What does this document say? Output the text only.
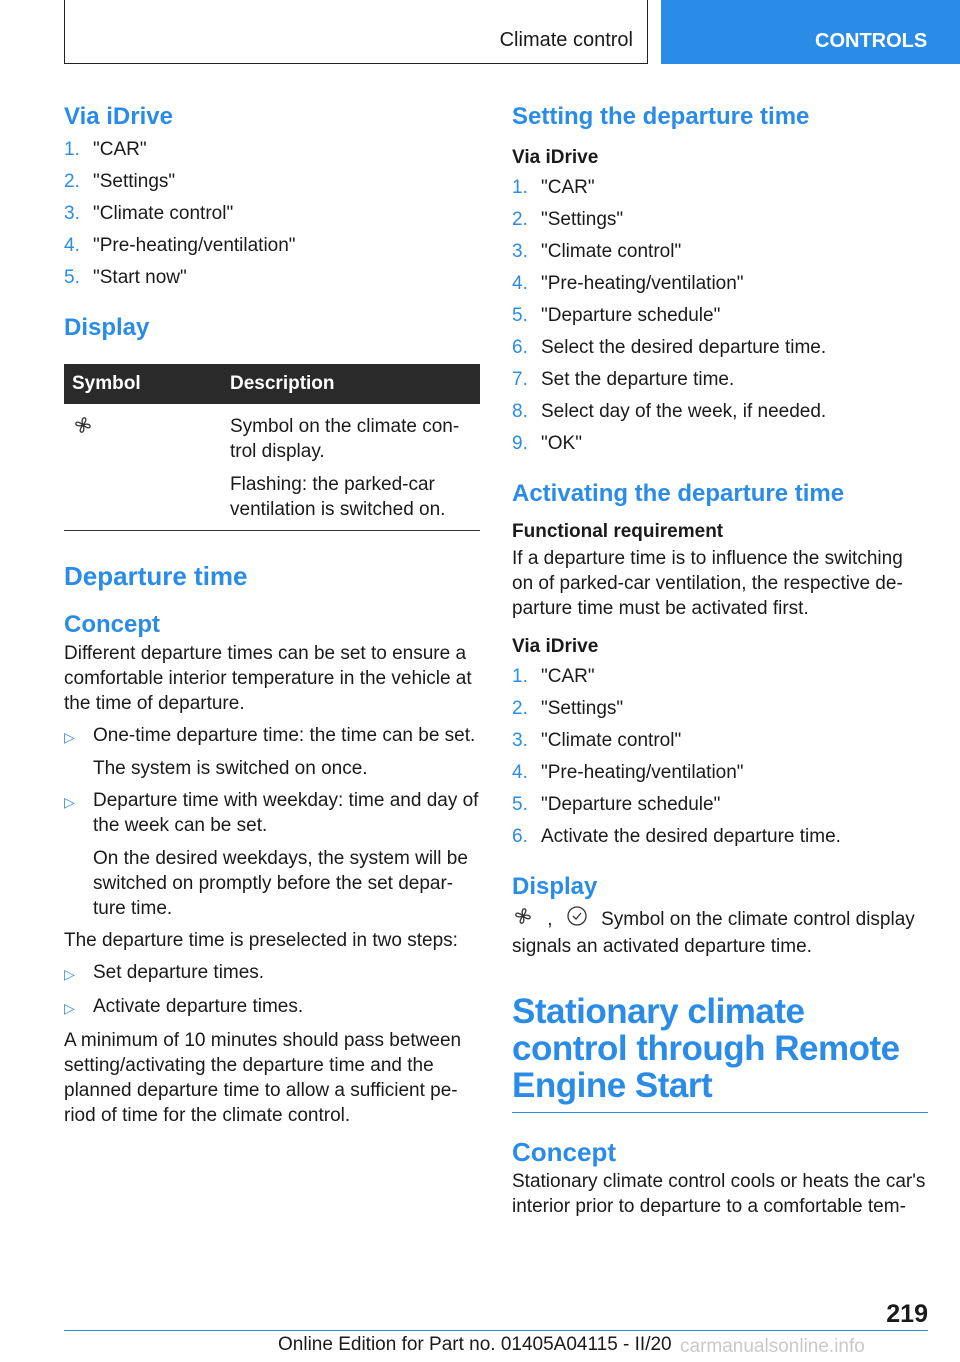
Climate control	CONTROLS
Via iDrive
1. "CAR"
2. "Settings"
3. "Climate control"
4. "Pre-heating/ventilation"
5. "Start now"
Display
Symbol	Description

Symbol on the climate con-trol display.

Flashing: the parked-car ventilation is switched on.

Departure time
Concept

Different departure times can be set to ensure a comfortable interior temperature in the vehicle at the time of departure.

▷ One-time departure time: the time can be set.

The system is switched on once.

▷ Departure time with weekday: time and day of the week can be set.

On the desired weekdays, the system will be switched on promptly before the set depar-ture time.

The departure time is preselected in two steps:

▷ Set departure times.

▷ Activate departure times.

A minimum of 10 minutes should pass between setting/activating the departure time and the planned departure time to allow a sufficient pe-riod of time for the climate control.

Setting the departure time
Via iDrive
1. "CAR"
2. "Settings"
3. "Climate control"
4. "Pre-heating/ventilation"
5. "Departure schedule"
6. Select the desired departure time.
7. Set the departure time.
8. Select day of the week, if needed.
9. "OK"
Activating the departure time
Functional requirement

If a departure time is to influence the switching on of parked-car ventilation, the respective de-parture time must be activated first.

Via iDrive
1. "CAR"
2. "Settings"
3. "Climate control"
4. "Pre-heating/ventilation"
5. "Departure schedule"
6. Activate the desired departure time.
Display

,	Symbol on the climate control display signals an activated departure time.

Stationary climate control through Remote Engine Start
Concept

Stationary climate control cools or heats the car's interior prior to departure to a comfortable tem-

219
Online Edition for Part no. 01405A04115 - II/20 carmanualsonline.info
